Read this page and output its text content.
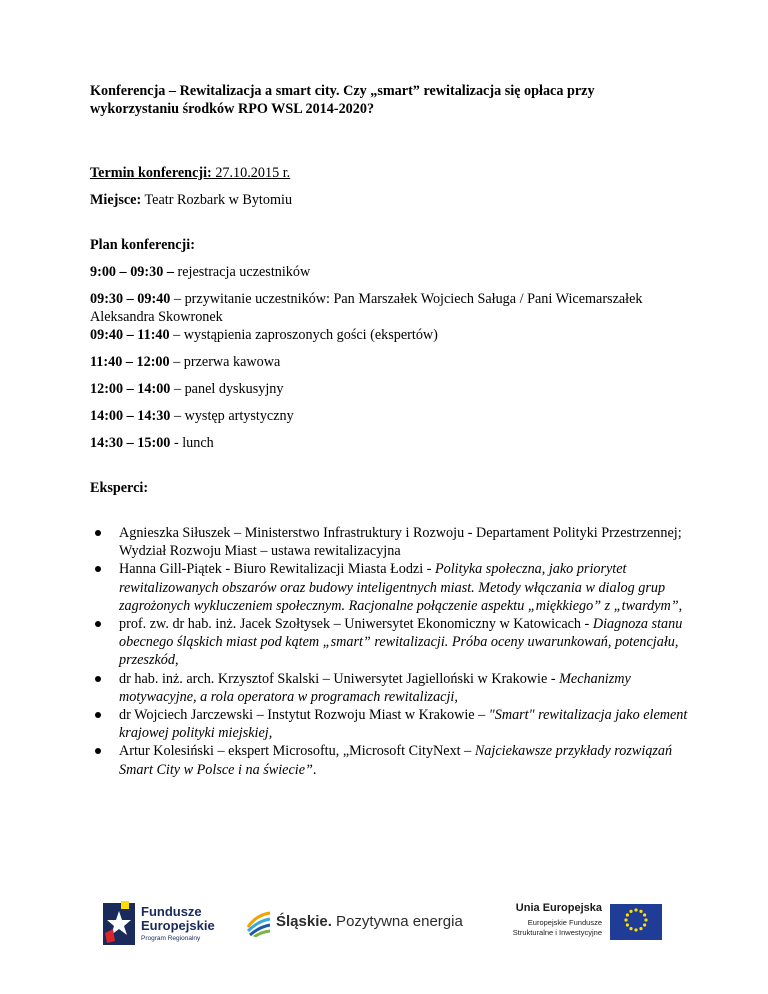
Konferencja – Rewitalizacja a smart city. Czy „smart” rewitalizacja się opłaca przy wykorzystaniu środków RPO WSL 2014-2020?

Termin konferencji: 27.10.2015 r.

Miejsce: Teatr Rozbark w Bytomiu

Plan konferencji:

9:00 – 09:30 – rejestracja uczestników

09:30 – 09:40 – przywitanie uczestników: Pan Marszałek Wojciech Saługa / Pani Wicemarszałek Aleksandra Skowronek

09:40 – 11:40 – wystąpienia zaproszonych gości (ekspertów)

11:40 – 12:00 – przerwa kawowa

12:00 – 14:00 – panel dyskusyjny

14:00 – 14:30 – występ artystyczny

14:30 – 15:00 - lunch

Eksperci:

Agnieszka Siłuszek – Ministerstwo Infrastruktury i Rozwoju - Departament Polityki Przestrzennej; Wydział Rozwoju Miast – ustawa rewitalizacyjna
Hanna Gill-Piątek - Biuro Rewitalizacji Miasta Łodzi - Polityka społeczna, jako priorytet rewitalizowanych obszarów oraz budowy inteligentnych miast. Metody włączania w dialog grup zagrożonych wykluczeniem społecznym. Racjonalne połączenie aspektu „miękkiego” z „twardym”,
prof. zw. dr hab. inż. Jacek Szołtysek – Uniwersytet Ekonomiczny w Katowicach - Diagnoza stanu obecnego śląskich miast pod kątem „smart” rewitalizacji. Próba oceny uwarunkowań, potencjału, przeszkód,
dr hab. inż. arch. Krzysztof Skalski – Uniwersytet Jagielloński w Krakowie - Mechanizmy motywacyjne, a rola operatora w programach rewitalizacji,
dr Wojciech Jarczewski – Instytut Rozwoju Miast w Krakowie – "Smart" rewitalizacja jako element krajowej polityki miejskiej,
Artur Kolesiński – ekspert Microsoftu, „Microsoft CityNext – Najciekawsze przykłady rozwiązań Smart City w Polsce i na świecie”.
Fundusze
Europejskie
Program Regionalny
Śląskie. Pozytywna energia
Unia Europejska
Europejskie Fundusze
Strukturalne i Inwestycyjne
